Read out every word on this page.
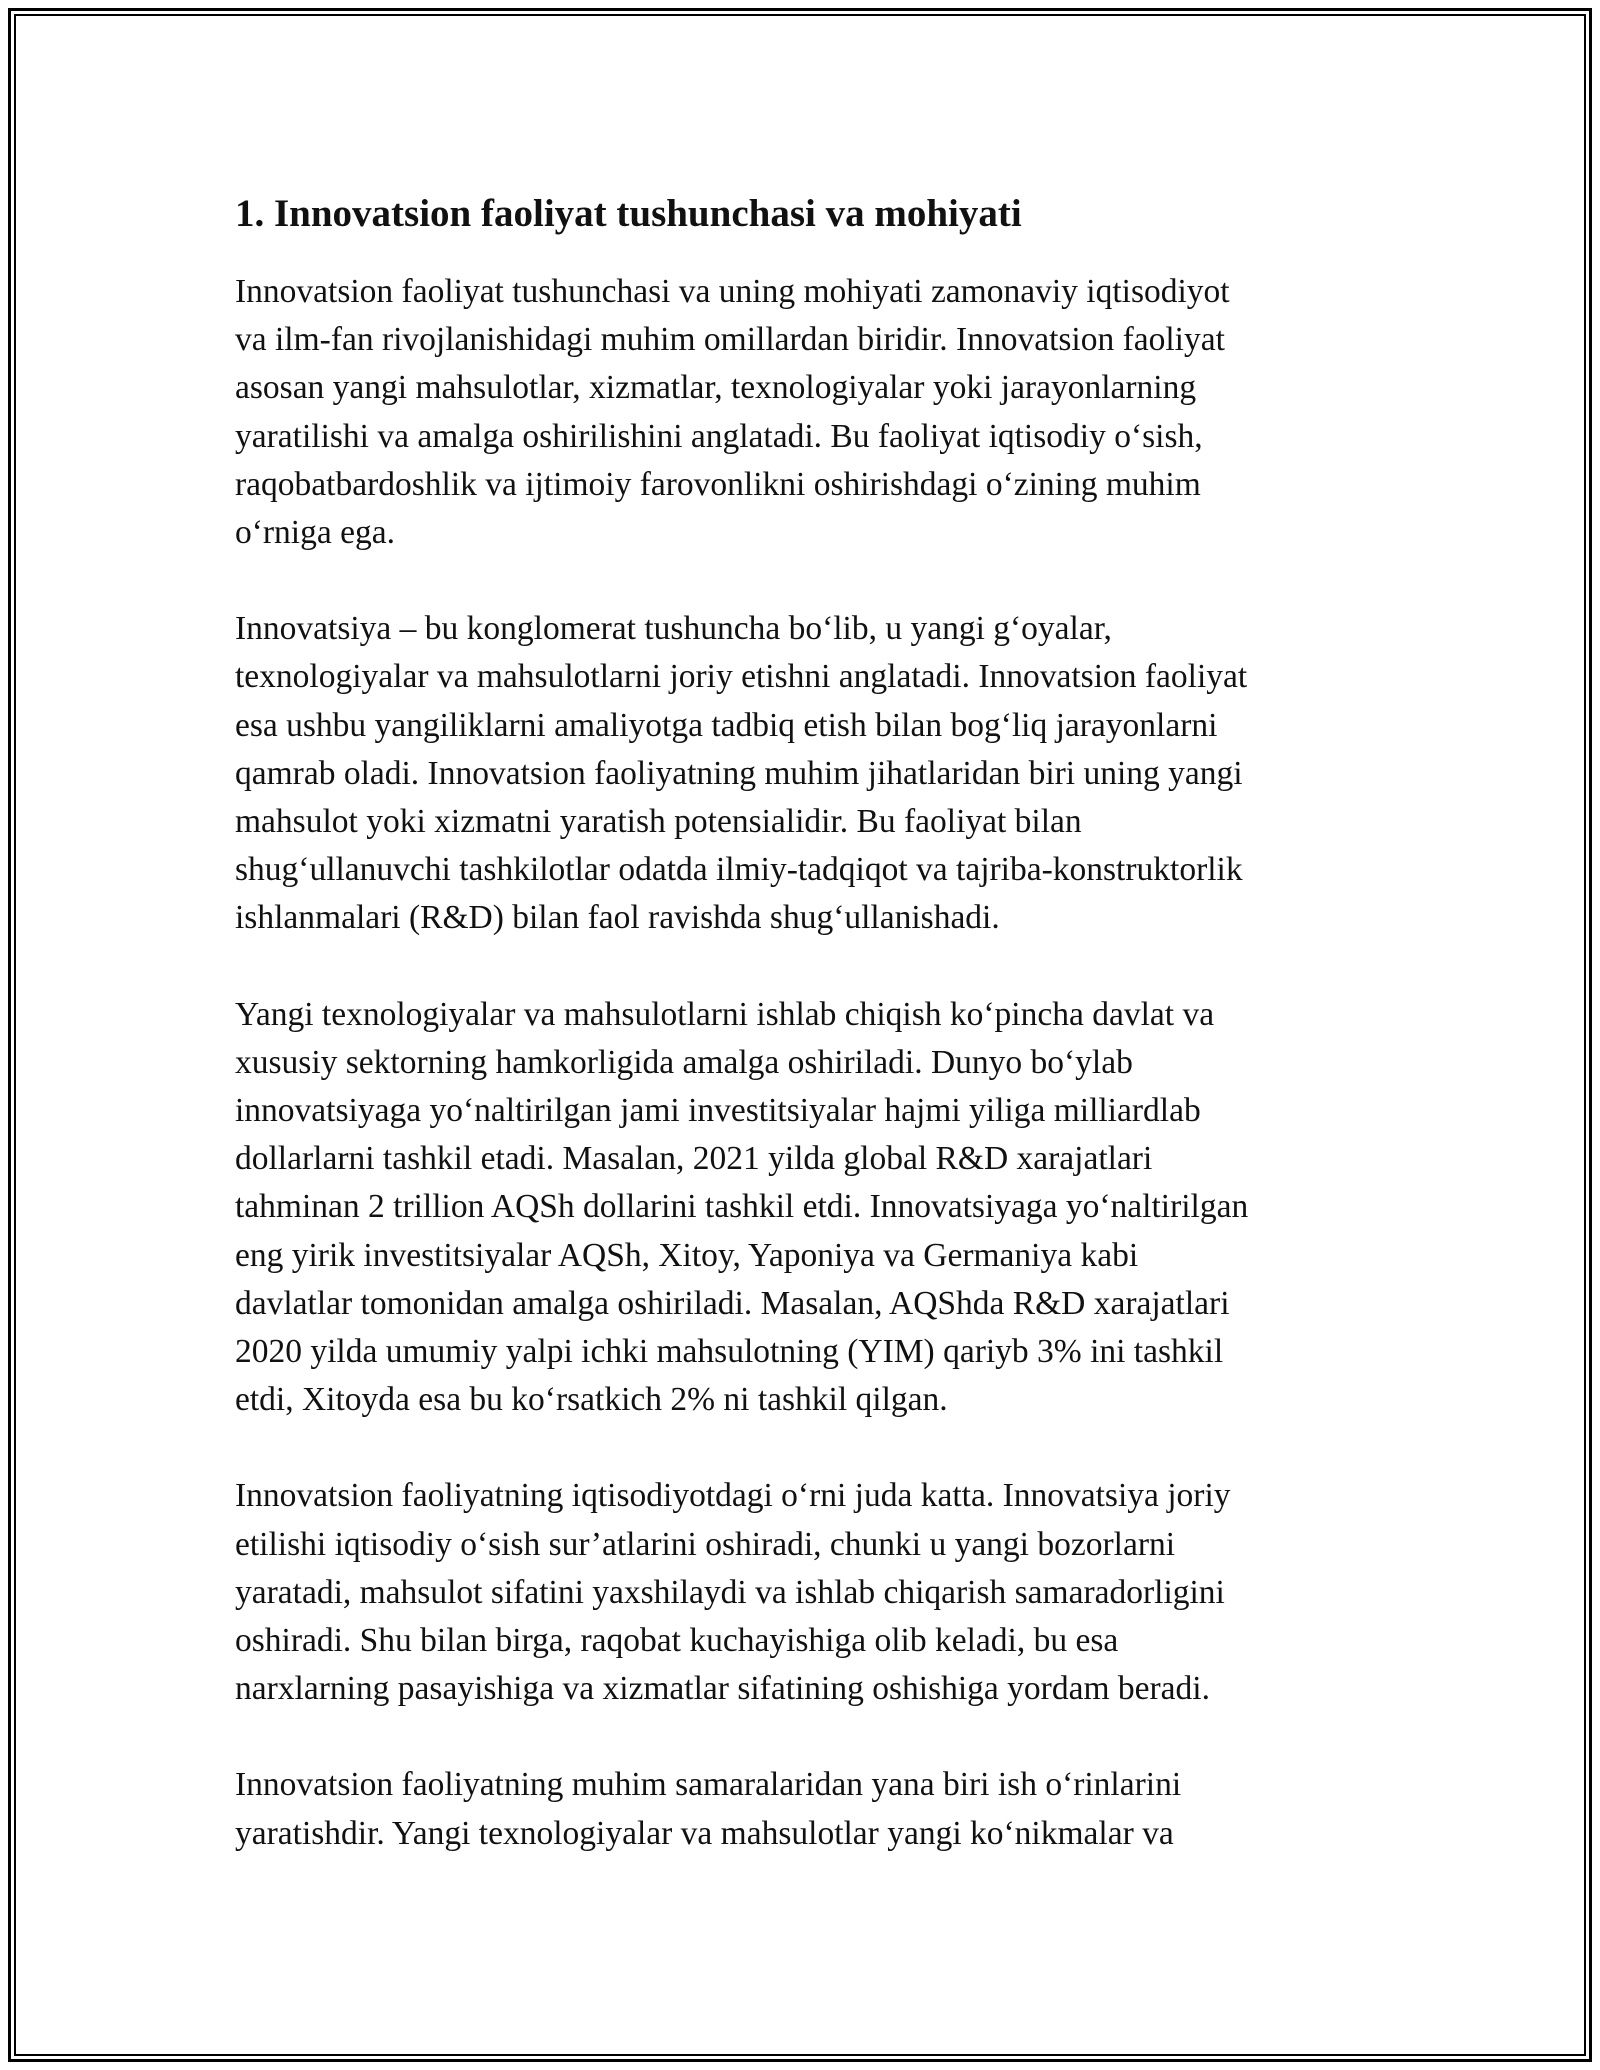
1. Innovatsion faoliyat tushunchasi va mohiyati

Innovatsion faoliyat tushunchasi va uning mohiyati zamonaviy iqtisodiyot
va ilm-fan rivojlanishidagi muhim omillardan biridir. Innovatsion faoliyat
asosan yangi mahsulotlar, xizmatlar, texnologiyalar yoki jarayonlarning
yaratilishi va amalga oshirilishini anglatadi. Bu faoliyat iqtisodiy o‘sish,
raqobatbardoshlik va ijtimoiy farovonlikni oshirishdagi o‘zining muhim
o‘rniga ega.

Innovatsiya – bu konglomerat tushuncha bo‘lib, u yangi g‘oyalar,
texnologiyalar va mahsulotlarni joriy etishni anglatadi. Innovatsion faoliyat
esa ushbu yangiliklarni amaliyotga tadbiq etish bilan bog‘liq jarayonlarni
qamrab oladi. Innovatsion faoliyatning muhim jihatlaridan biri uning yangi
mahsulot yoki xizmatni yaratish potensialidir. Bu faoliyat bilan
shug‘ullanuvchi tashkilotlar odatda ilmiy-tadqiqot va tajriba-konstruktorlik
ishlanmalari (R&D) bilan faol ravishda shug‘ullanishadi.

Yangi texnologiyalar va mahsulotlarni ishlab chiqish ko‘pincha davlat va
xususiy sektorning hamkorligida amalga oshiriladi. Dunyo bo‘ylab
innovatsiyaga yo‘naltirilgan jami investitsiyalar hajmi yiliga milliardlab
dollarlarni tashkil etadi. Masalan, 2021 yilda global R&D xarajatlari
tahminan 2 trillion AQSh dollarini tashkil etdi. Innovatsiyaga yo‘naltirilgan
eng yirik investitsiyalar AQSh, Xitoy, Yaponiya va Germaniya kabi
davlatlar tomonidan amalga oshiriladi. Masalan, AQShda R&D xarajatlari
2020 yilda umumiy yalpi ichki mahsulotning (YIM) qariyb 3% ini tashkil
etdi, Xitoyda esa bu ko‘rsatkich 2% ni tashkil qilgan.

Innovatsion faoliyatning iqtisodiyotdagi o‘rni juda katta. Innovatsiya joriy
etilishi iqtisodiy o‘sish sur’atlarini oshiradi, chunki u yangi bozorlarni
yaratadi, mahsulot sifatini yaxshilaydi va ishlab chiqarish samaradorligini
oshiradi. Shu bilan birga, raqobat kuchayishiga olib keladi, bu esa
narxlarning pasayishiga va xizmatlar sifatining oshishiga yordam beradi.

Innovatsion faoliyatning muhim samaralaridan yana biri ish o‘rinlarini
yaratishdir. Yangi texnologiyalar va mahsulotlar yangi ko‘nikmalar va
